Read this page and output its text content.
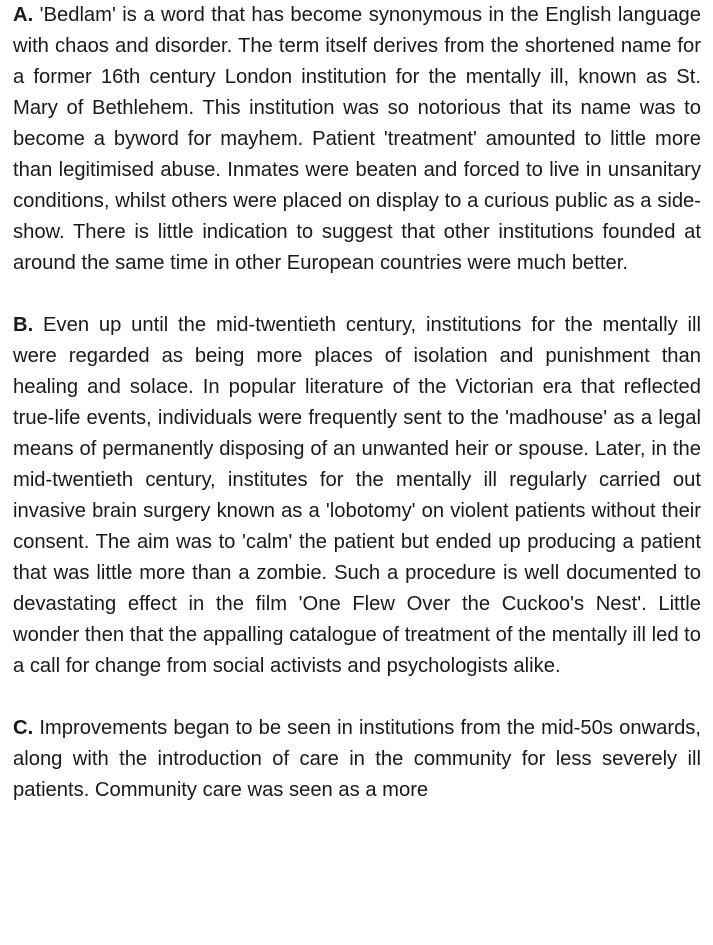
A. 'Bedlam' is a word that has become synonymous in the English language with chaos and disorder. The term itself derives from the shortened name for a former 16th century London institution for the mentally ill, known as St. Mary of Bethlehem. This institution was so notorious that its name was to become a byword for mayhem. Patient 'treatment' amounted to little more than legitimised abuse. Inmates were beaten and forced to live in unsanitary conditions, whilst others were placed on display to a curious public as a side-show. There is little indication to suggest that other institutions founded at around the same time in other European countries were much better.

B. Even up until the mid-twentieth century, institutions for the mentally ill were regarded as being more places of isolation and punishment than healing and solace. In popular literature of the Victorian era that reflected true-life events, individuals were frequently sent to the 'madhouse' as a legal means of permanently disposing of an unwanted heir or spouse. Later, in the mid-twentieth century, institutes for the mentally ill regularly carried out invasive brain surgery known as a 'lobotomy' on violent patients without their consent. The aim was to 'calm' the patient but ended up producing a patient that was little more than a zombie. Such a procedure is well documented to devastating effect in the film 'One Flew Over the Cuckoo's Nest'. Little wonder then that the appalling catalogue of treatment of the mentally ill led to a call for change from social activists and psychologists alike.

C. Improvements began to be seen in institutions from the mid-50s onwards, along with the introduction of care in the community for less severely ill patients. Community care was seen as a more
